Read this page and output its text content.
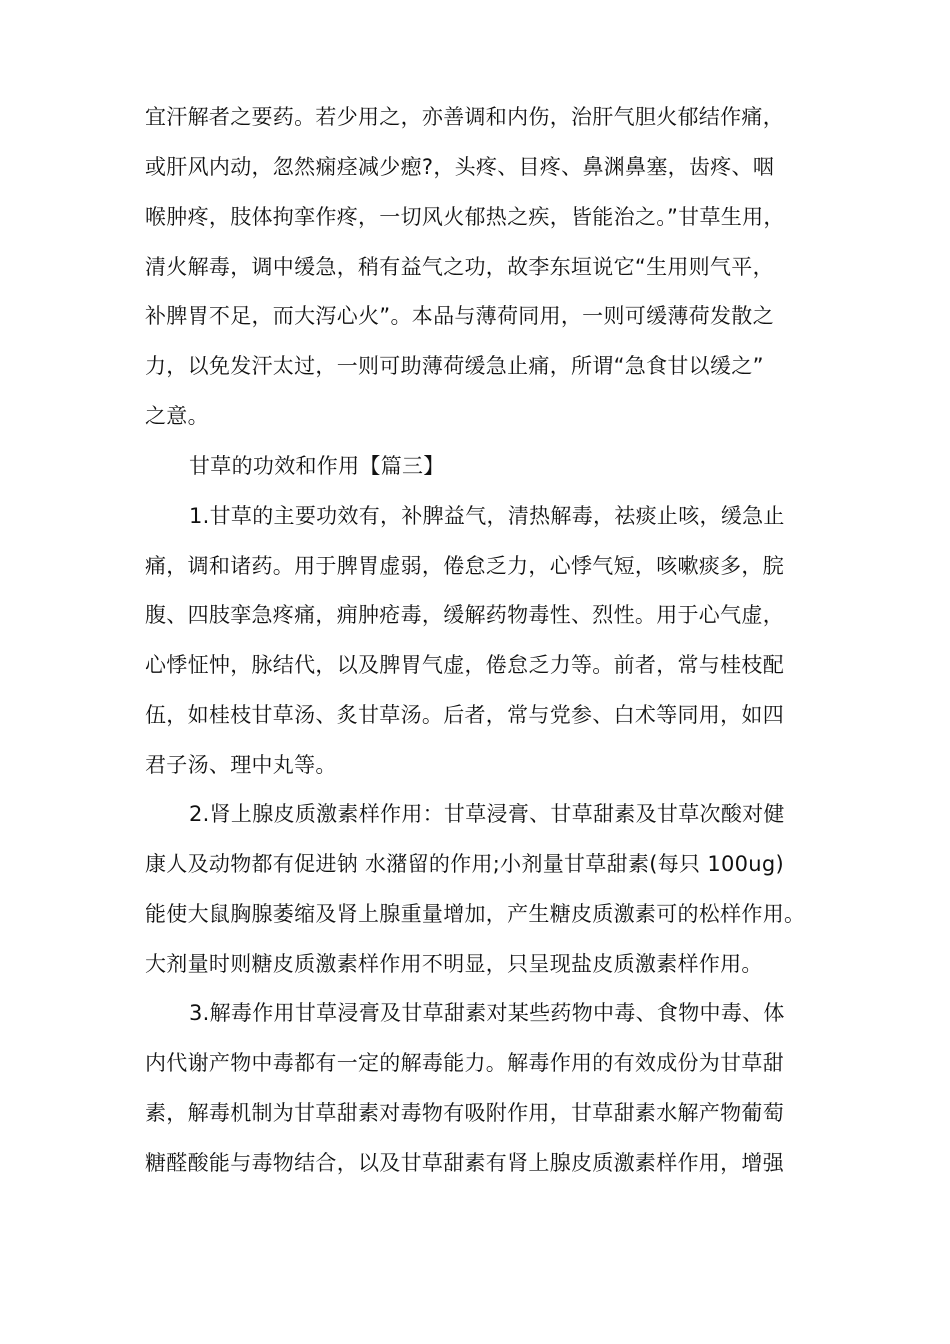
宜汗解者之要药。若少用之，亦善调和内伤，治肝气胆火郁结作痛，
或肝风内动，忽然痫痉减少瘛?，头疼、目疼、鼻渊鼻塞，齿疼、咽
喉肿疼，肢体拘挛作疼，一切风火郁热之疾，皆能治之。”甘草生用，
清火解毒，调中缓急，稍有益气之功，故李东垣说它“生用则气平，
补脾胃不足，而大泻心火”。本品与薄荷同用，一则可缓薄荷发散之
力，以免发汗太过，一则可助薄荷缓急止痛，所谓“急食甘以缓之”
之意。
甘草的功效和作用【篇三】
1.甘草的主要功效有，补脾益气，清热解毒，祛痰止咳，缓急止
痛，调和诸药。用于脾胃虚弱，倦怠乏力，心悸气短，咳嗽痰多，脘
腹、四肢挛急疼痛，痈肿疮毒，缓解药物毒性、烈性。用于心气虚，
心悸怔忡，脉结代，以及脾胃气虚，倦怠乏力等。前者，常与桂枝配
伍，如桂枝甘草汤、炙甘草汤。后者，常与党参、白术等同用，如四
君子汤、理中丸等。
2.肾上腺皮质激素样作用：甘草浸膏、甘草甜素及甘草次酸对健
康人及动物都有促进钠 水潴留的作用;小剂量甘草甜素(每只 100ug)
能使大鼠胸腺萎缩及肾上腺重量增加，产生糖皮质激素可的松样作用。
大剂量时则糖皮质激素样作用不明显，只呈现盐皮质激素样作用。
3.解毒作用甘草浸膏及甘草甜素对某些药物中毒、食物中毒、体
内代谢产物中毒都有一定的解毒能力。解毒作用的有效成份为甘草甜
素，解毒机制为甘草甜素对毒物有吸附作用，甘草甜素水解产物葡萄
糖醛酸能与毒物结合，以及甘草甜素有肾上腺皮质激素样作用，增强
